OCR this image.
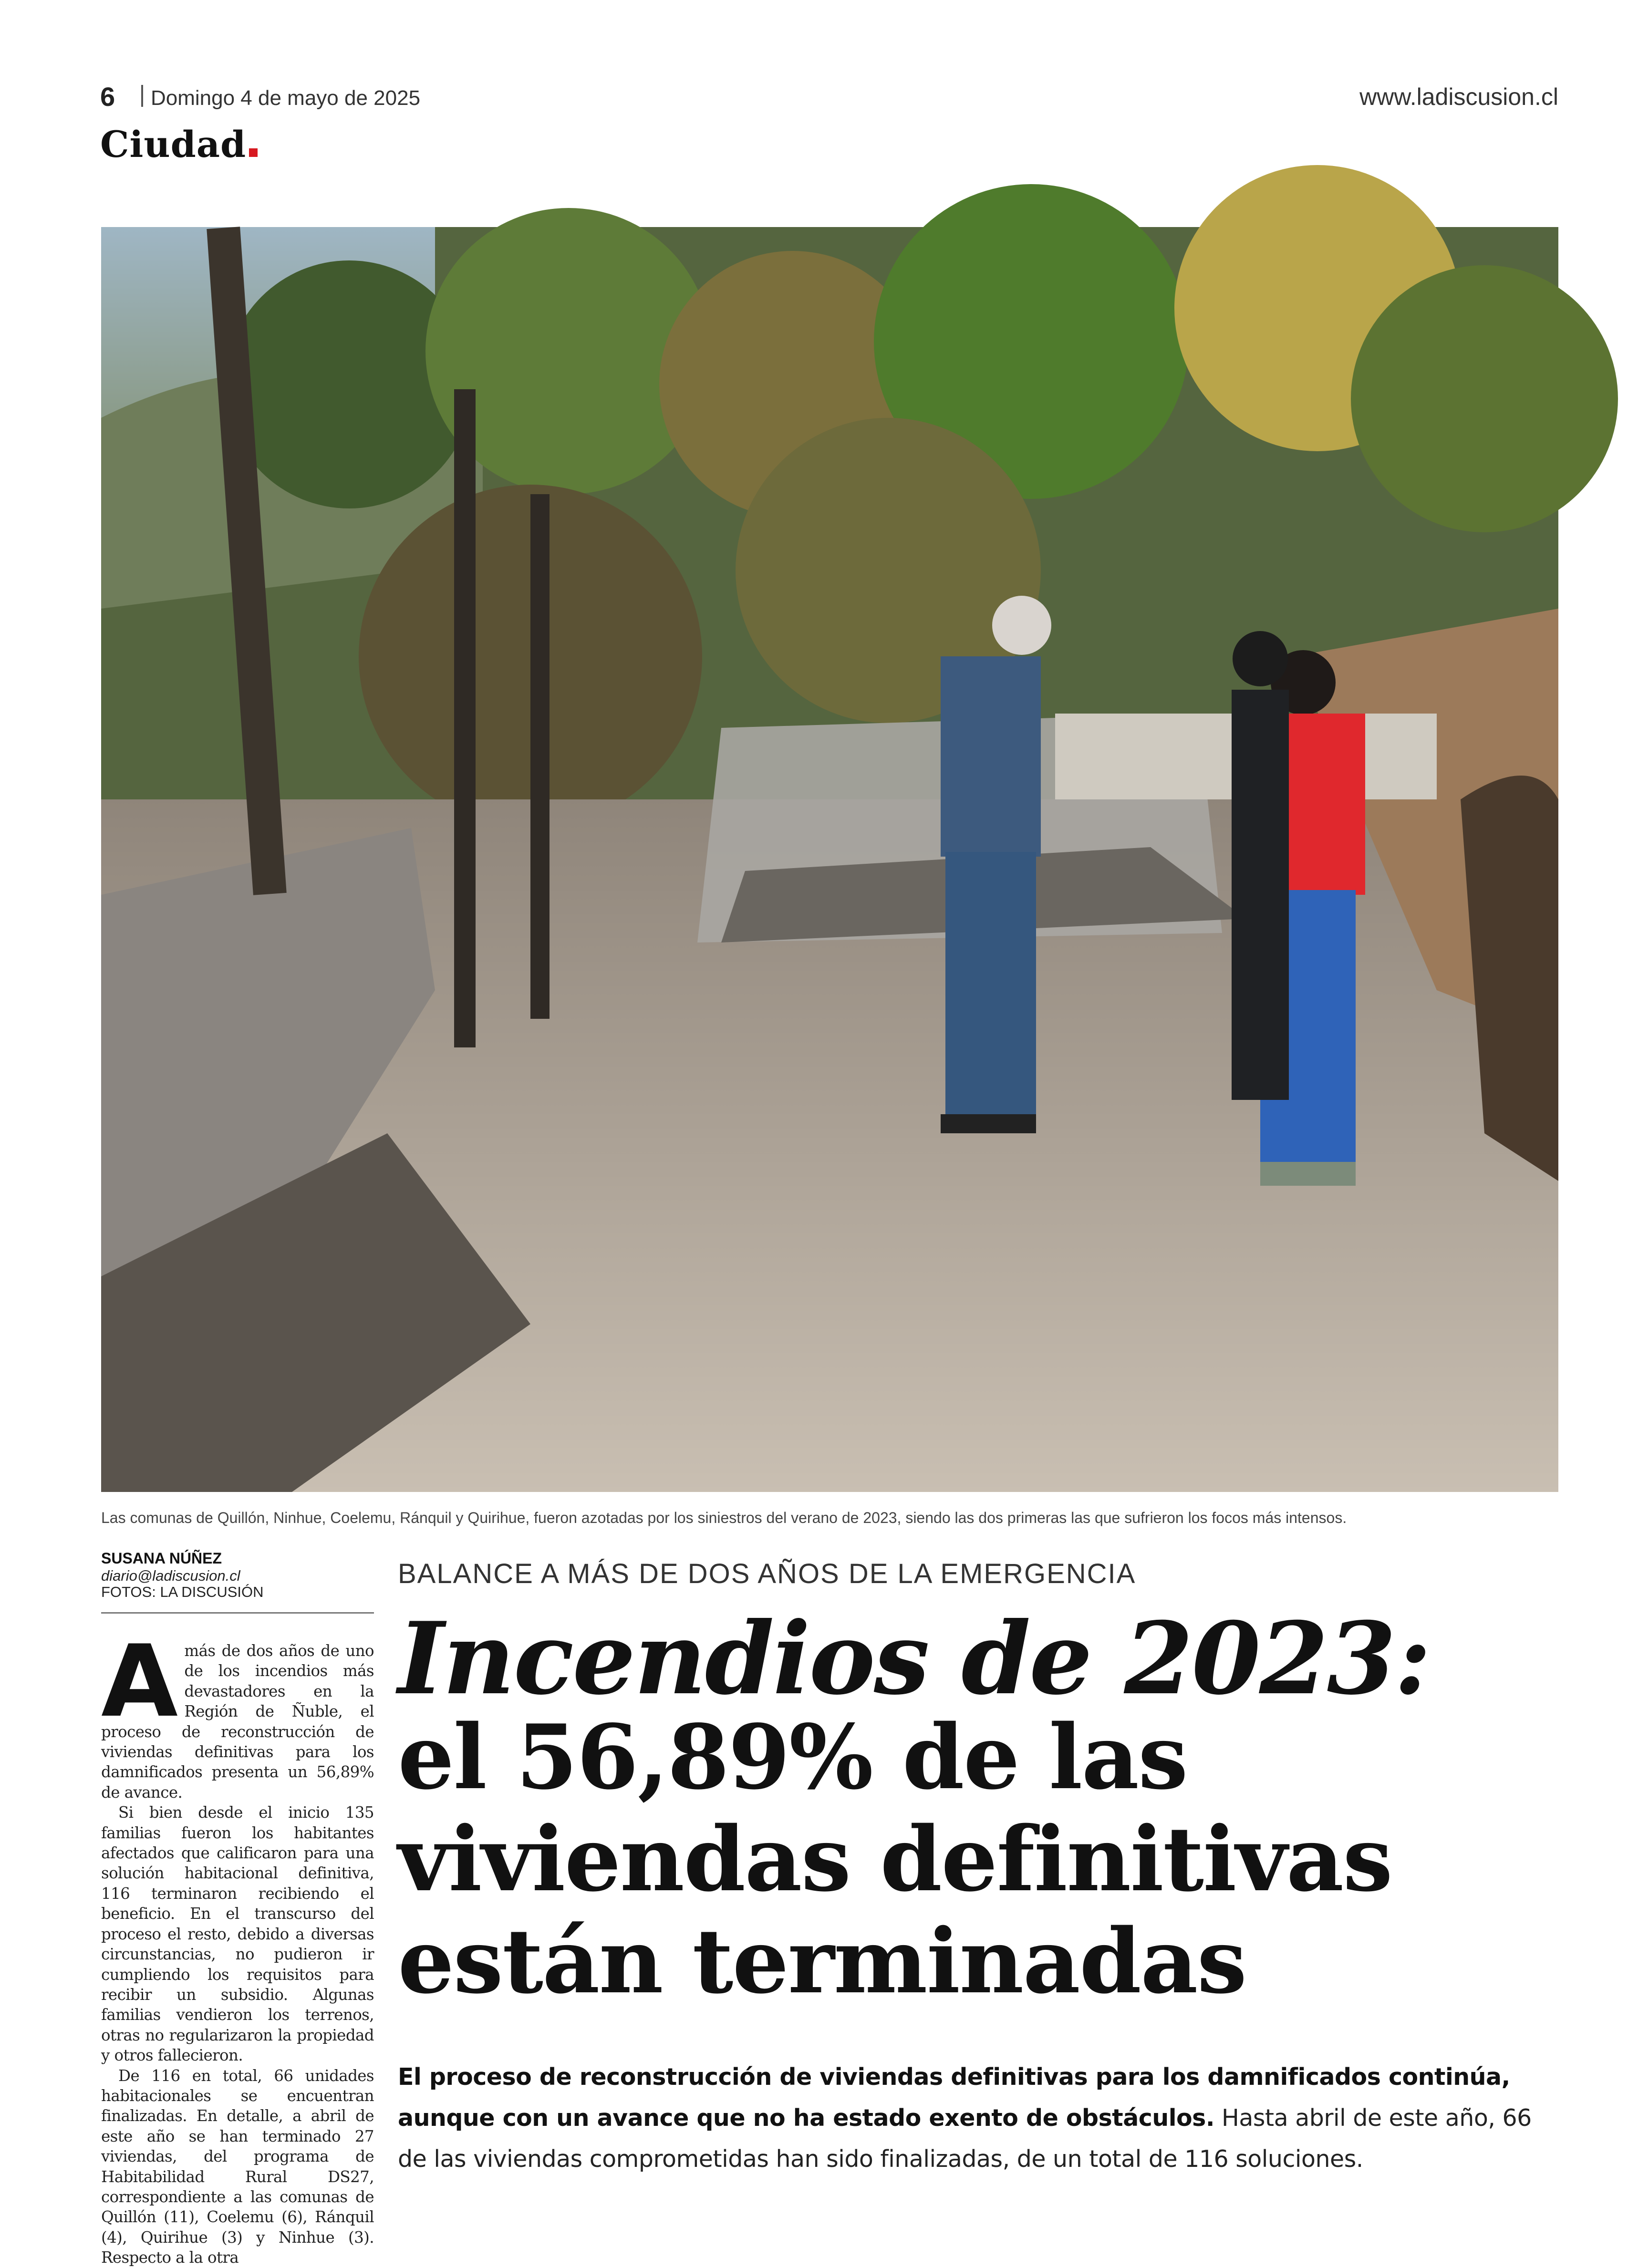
6 Domingo 4 de mayo de 2025	www.ladiscusion.cl
Ciudad
Las comunas de Quillón, Ninhue, Coelemu, Ránquil y Quirihue, fueron azotadas por los siniestros del verano de 2023, siendo las dos primeras las que sufrieron los focos más intensos.
SUSANA NÚÑEZ
diario@ladiscusion.cl
FOTOS: LA DISCUSIÓN

A más de dos años de uno de los incendios más devastadores en la Región de Ñuble, el proceso de reconstrucción de viviendas definitivas para los damnificados presenta un 56,89% de avance.

Si bien desde el inicio 135 familias fueron los habitantes afectados que calificaron para una solución habitacional definitiva, 116 terminaron recibiendo el beneficio. En el transcurso del proceso el resto, debido a diversas circunstancias, no pudieron ir cumpliendo los requisitos para recibir un subsidio. Algunas familias vendieron los terrenos, otras no regularizaron la propiedad y otros fallecieron.

De 116 en total, 66 unidades habitacionales se encuentran finalizadas. En detalle, a abril de este año se han terminado 27 viviendas, del programa de Habitabilidad Rural DS27, correspondiente a las comunas de Quillón (11), Coelemu (6), Ránquil (4), Quirihue (3) y Ninhue (3). Respecto a la otra

BALANCE A MÁS DE DOS AÑOS DE LA EMERGENCIA
Incendios de 2023:
el 56,89% de las
viviendas definitivas
están terminadas
El proceso de reconstrucción de viviendas definitivas para los damnificados continúa, aunque con un avance que no ha estado exento de obstáculos. Hasta abril de este año, 66 de las viviendas comprometidas han sido finalizadas, de un total de 116 soluciones.
